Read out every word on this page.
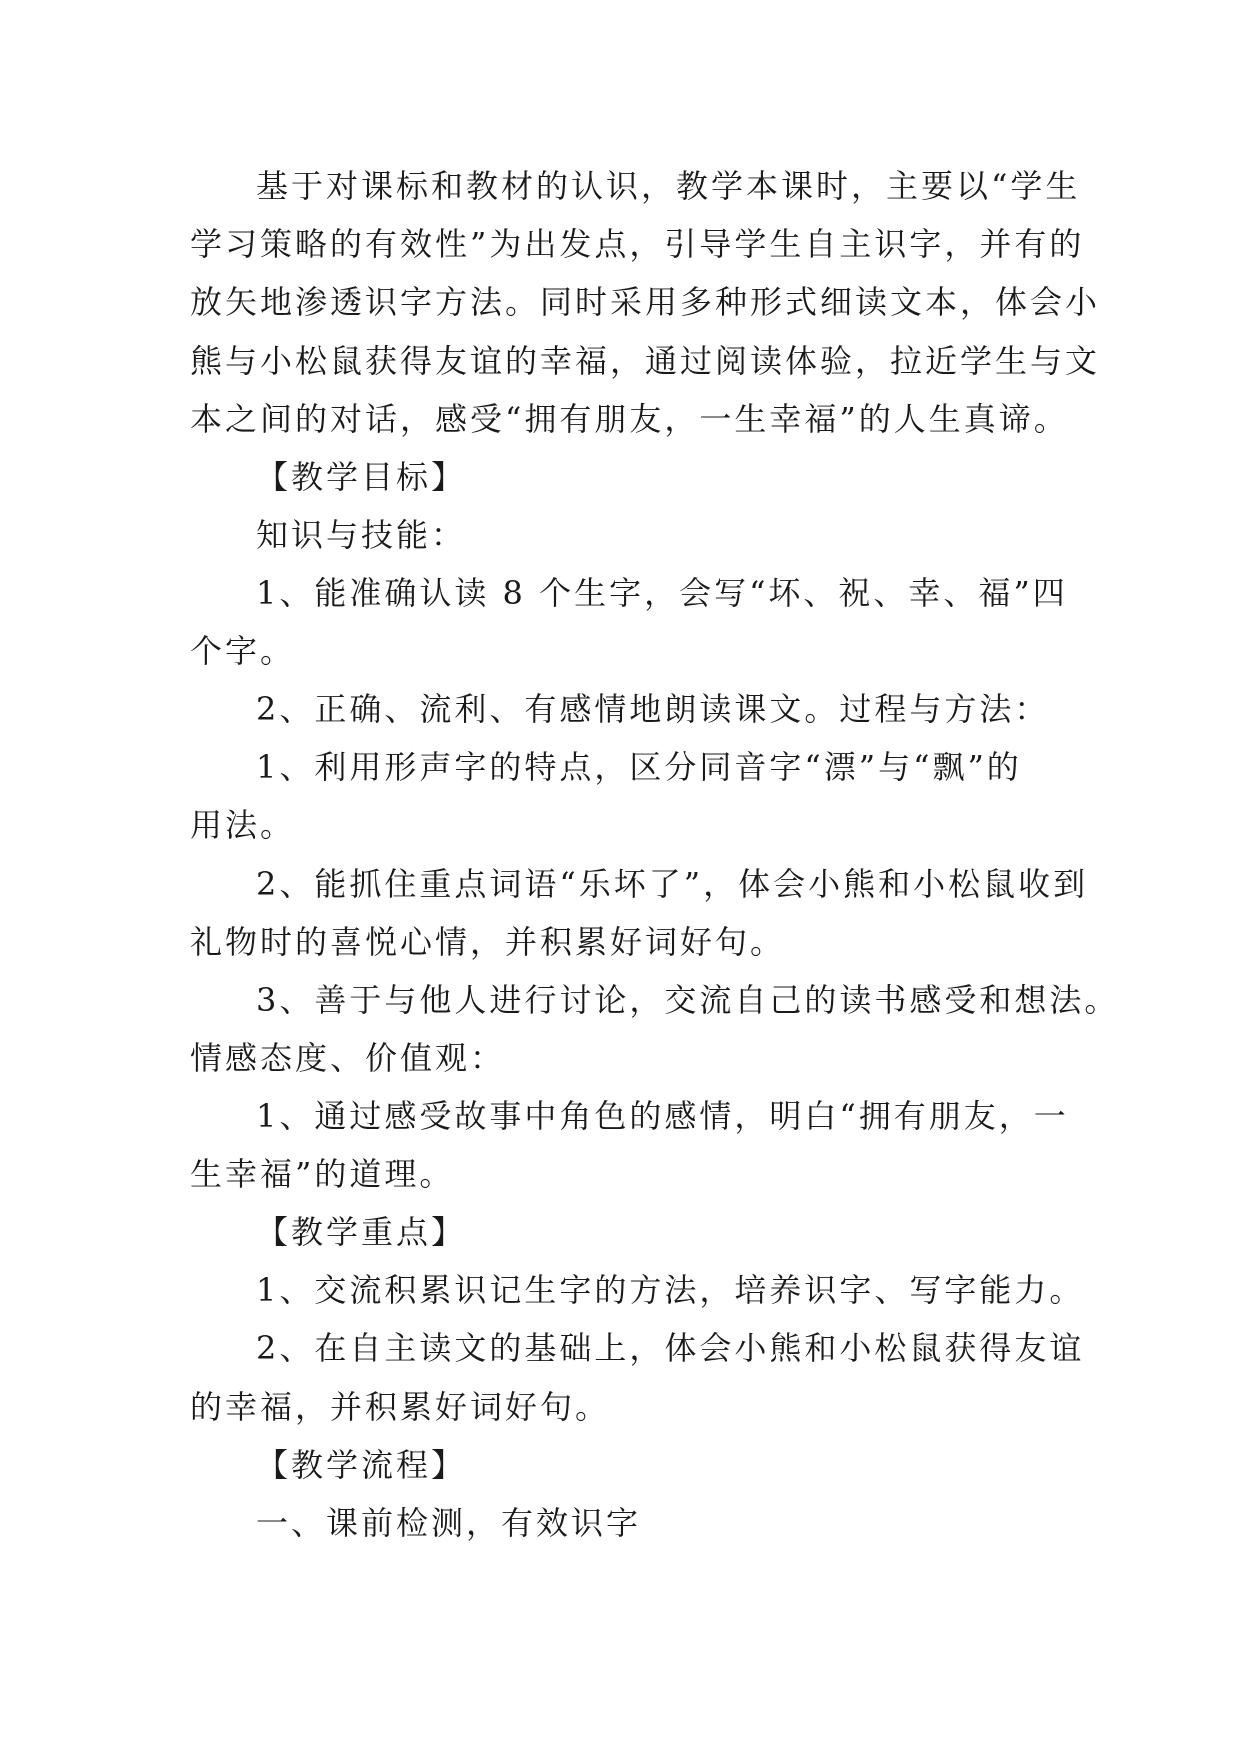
基于对课标和教材的认识，教学本课时，主要以“学生
学习策略的有效性”为出发点，引导学生自主识字，并有的
放矢地渗透识字方法。同时采用多种形式细读文本，体会小
熊与小松鼠获得友谊的幸福，通过阅读体验，拉近学生与文
本之间的对话，感受“拥有朋友，一生幸福”的人生真谛。
【教学目标】
知识与技能：
1、能准确认读 8 个生字，会写“坏、祝、幸、福”四
个字。
2、正确、流利、有感情地朗读课文。过程与方法：
1、利用形声字的特点，区分同音字“漂”与“飘”的
用法。
2、能抓住重点词语“乐坏了”，体会小熊和小松鼠收到
礼物时的喜悦心情，并积累好词好句。
3、善于与他人进行讨论，交流自己的读书感受和想法。
情感态度、价值观：
1、通过感受故事中角色的感情，明白“拥有朋友，一
生幸福”的道理。
【教学重点】
1、交流积累识记生字的方法，培养识字、写字能力。
2、在自主读文的基础上，体会小熊和小松鼠获得友谊
的幸福，并积累好词好句。
【教学流程】
一、课前检测，有效识字
